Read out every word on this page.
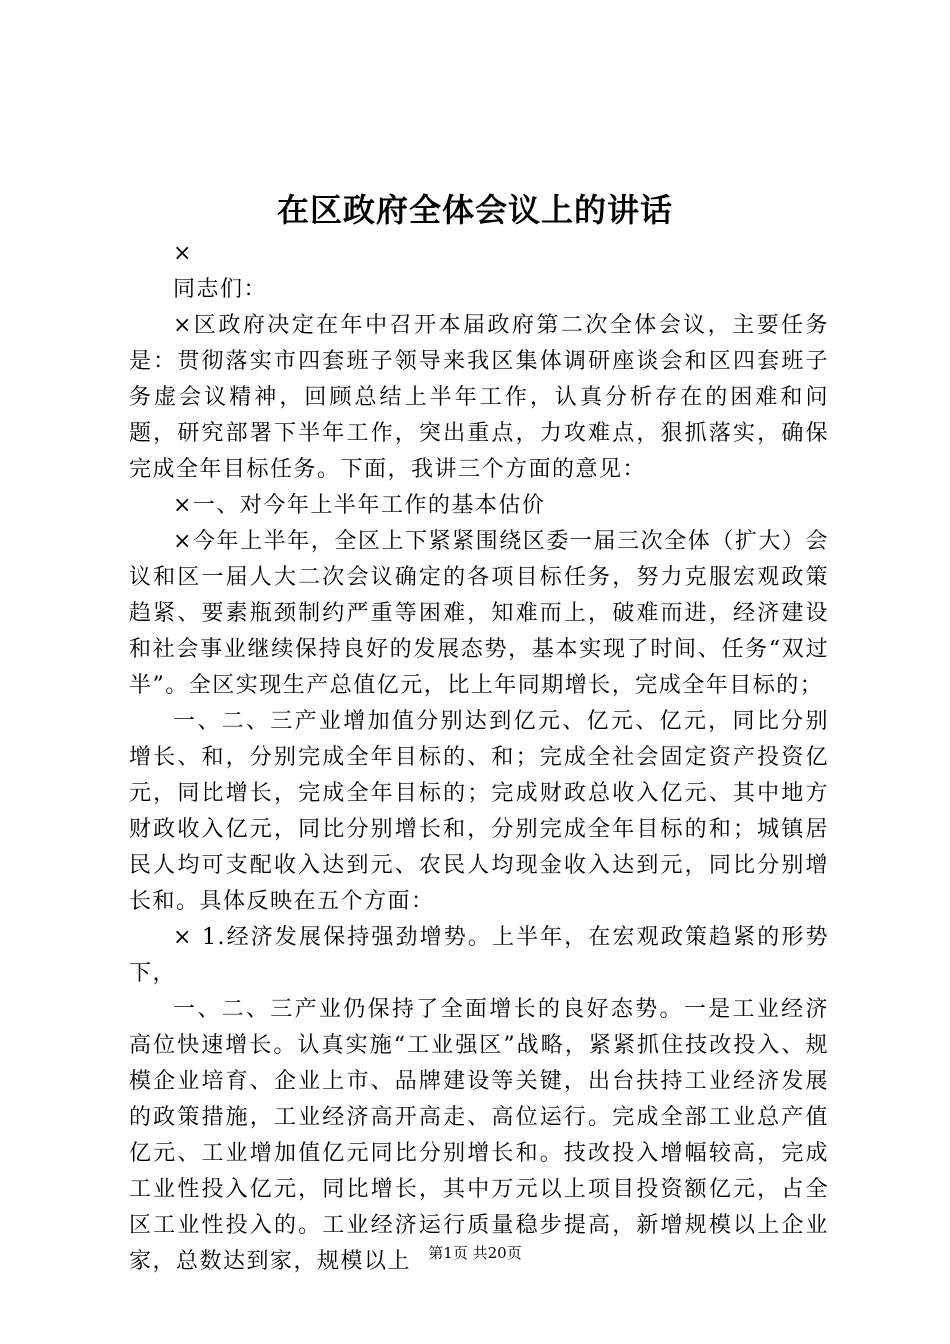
在区政府全体会议上的讲话

×

同志们：

×区政府决定在年中召开本届政府第二次全体会议，主要任务是：贯彻落实市四套班子领导来我区集体调研座谈会和区四套班子务虚会议精神，回顾总结上半年工作，认真分析存在的困难和问题，研究部署下半年工作，突出重点，力攻难点，狠抓落实，确保完成全年目标任务。下面，我讲三个方面的意见：

×一、对今年上半年工作的基本估价

×今年上半年，全区上下紧紧围绕区委一届三次全体（扩大）会议和区一届人大二次会议确定的各项目标任务，努力克服宏观政策趋紧、要素瓶颈制约严重等困难，知难而上，破难而进，经济建设和社会事业继续保持良好的发展态势，基本实现了时间、任务“双过半”。全区实现生产总值亿元，比上年同期增长，完成全年目标的；

一、二、三产业增加值分别达到亿元、亿元、亿元，同比分别增长、和，分别完成全年目标的、和；完成全社会固定资产投资亿元，同比增长，完成全年目标的；完成财政总收入亿元、其中地方财政收入亿元，同比分别增长和，分别完成全年目标的和；城镇居民人均可支配收入达到元、农民人均现金收入达到元，同比分别增长和。具体反映在五个方面：

× 1.经济发展保持强劲增势。上半年，在宏观政策趋紧的形势下，

一、二、三产业仍保持了全面增长的良好态势。一是工业经济高位快速增长。认真实施“工业强区”战略，紧紧抓住技改投入、规模企业培育、企业上市、品牌建设等关键，出台扶持工业经济发展的政策措施，工业经济高开高走、高位运行。完成全部工业总产值亿元、工业增加值亿元同比分别增长和。技改投入增幅较高，完成工业性投入亿元，同比增长，其中万元以上项目投资额亿元，占全区工业性投入的。工业经济运行质量稳步提高，新增规模以上企业家，总数达到家，规模以上	第1页 共20页
